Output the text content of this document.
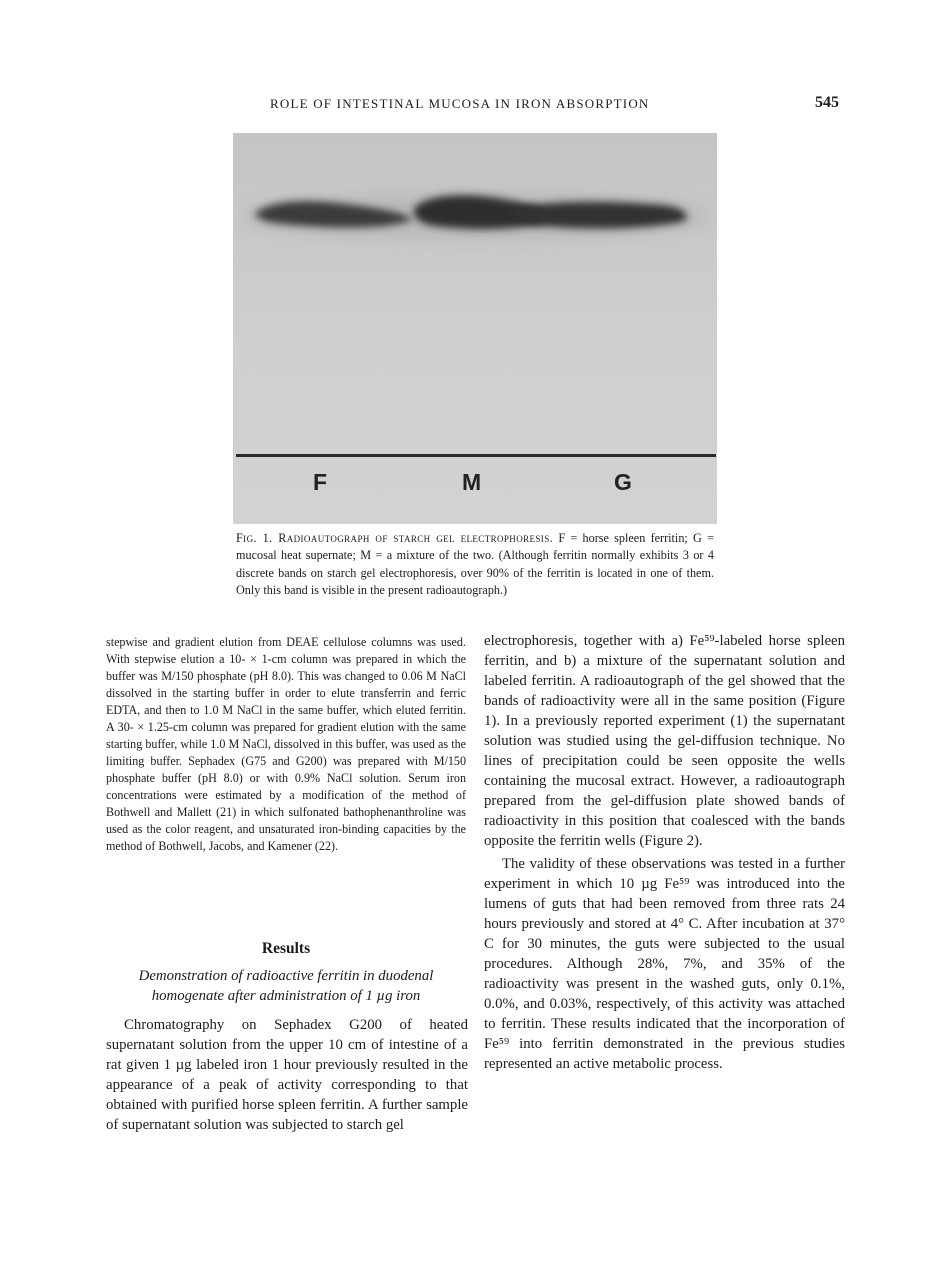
ROLE OF INTESTINAL MUCOSA IN IRON ABSORPTION	545
F	M	G
Fig. 1. Radioautograph of starch gel electrophoresis. F = horse spleen ferritin; G = mucosal heat supernate; M = a mixture of the two. (Although ferritin normally exhibits 3 or 4 discrete bands on starch gel electrophoresis, over 90% of the ferritin is located in one of them. Only this band is visible in the present radioautograph.)

stepwise and gradient elution from DEAE cellulose columns was used. With stepwise elution a 10- × 1-cm column was prepared in which the buffer was M/150 phosphate (pH 8.0). This was changed to 0.06 M NaCl dissolved in the starting buffer in order to elute transferrin and ferric EDTA, and then to 1.0 M NaCl in the same buffer, which eluted ferritin. A 30- × 1.25-cm column was prepared for gradient elution with the same starting buffer, while 1.0 M NaCl, dissolved in this buffer, was used as the limiting buffer. Sephadex (G75 and G200) was prepared with M/150 phosphate buffer (pH 8.0) or with 0.9% NaCl solution. Serum iron concentrations were estimated by a modification of the method of Bothwell and Mallett (21) in which sulfonated bathophenanthroline was used as the color reagent, and unsaturated iron-binding capacities by the method of Bothwell, Jacobs, and Kamener (22).

Results
Demonstration of radioactive ferritin in duodenal
homogenate after administration of 1 µg iron

Chromatography on Sephadex G200 of heated supernatant solution from the upper 10 cm of intestine of a rat given 1 µg labeled iron 1 hour previously resulted in the appearance of a peak of activity corresponding to that obtained with purified horse spleen ferritin. A further sample of supernatant solution was subjected to starch gel

electrophoresis, together with a) Fe⁵⁹-labeled horse spleen ferritin, and b) a mixture of the supernatant solution and labeled ferritin. A radioautograph of the gel showed that the bands of radioactivity were all in the same position (Figure 1). In a previously reported experiment (1) the supernatant solution was studied using the gel-diffusion technique. No lines of precipitation could be seen opposite the wells containing the mucosal extract. However, a radioautograph prepared from the gel-diffusion plate showed bands of radioactivity in this position that coalesced with the bands opposite the ferritin wells (Figure 2).

The validity of these observations was tested in a further experiment in which 10 µg Fe⁵⁹ was introduced into the lumens of guts that had been removed from three rats 24 hours previously and stored at 4° C. After incubation at 37° C for 30 minutes, the guts were subjected to the usual procedures. Although 28%, 7%, and 35% of the radioactivity was present in the washed guts, only 0.1%, 0.0%, and 0.03%, respectively, of this activity was attached to ferritin. These results indicated that the incorporation of Fe⁵⁹ into ferritin demonstrated in the previous studies represented an active metabolic process.
